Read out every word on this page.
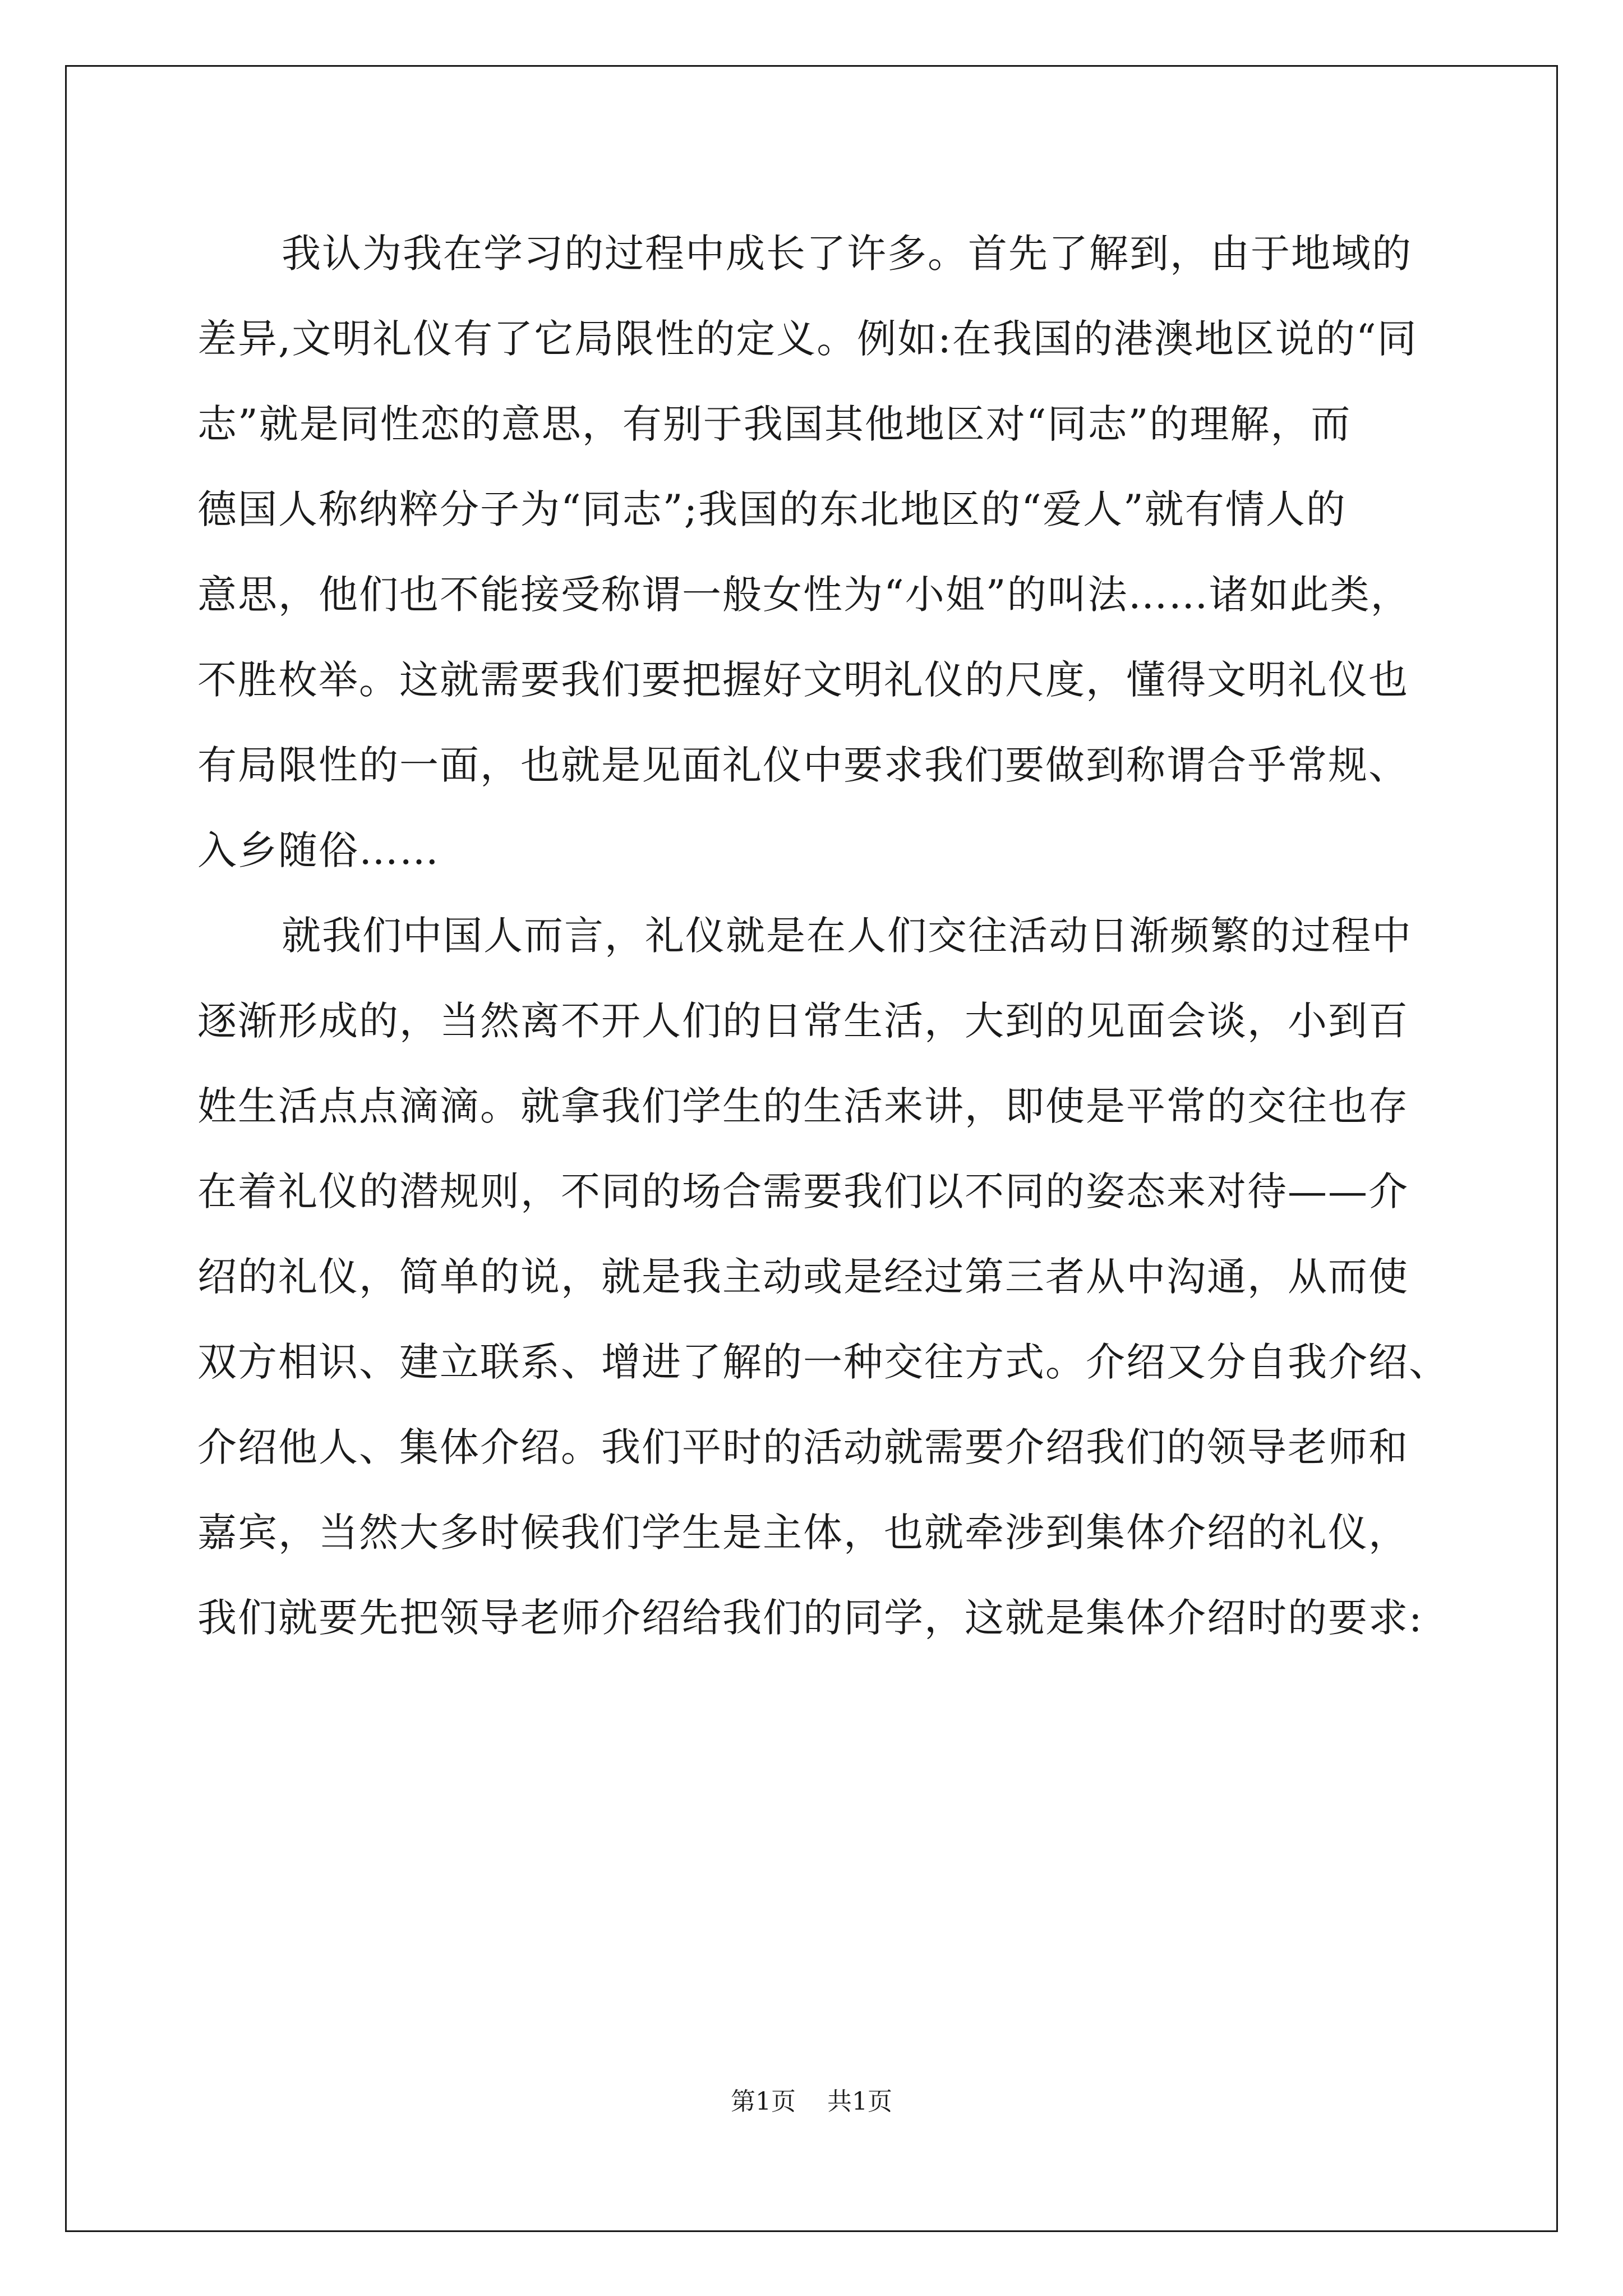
我认为我在学习的过程中成长了许多。首先了解到，由于地域的
差异,文明礼仪有了它局限性的定义。例如:在我国的港澳地区说的“同
志”就是同性恋的意思，有别于我国其他地区对“同志”的理解，而
德国人称纳粹分子为“同志”;我国的东北地区的“爱人”就有情人的
意思，他们也不能接受称谓一般女性为“小姐”的叫法……诸如此类，
不胜枚举。这就需要我们要把握好文明礼仪的尺度，懂得文明礼仪也
有局限性的一面，也就是见面礼仪中要求我们要做到称谓合乎常规、
入乡随俗……
就我们中国人而言，礼仪就是在人们交往活动日渐频繁的过程中
逐渐形成的，当然离不开人们的日常生活，大到的见面会谈，小到百
姓生活点点滴滴。就拿我们学生的生活来讲，即使是平常的交往也存
在着礼仪的潜规则，不同的场合需要我们以不同的姿态来对待——介
绍的礼仪，简单的说，就是我主动或是经过第三者从中沟通，从而使
双方相识、建立联系、增进了解的一种交往方式。介绍又分自我介绍、
介绍他人、集体介绍。我们平时的活动就需要介绍我们的领导老师和
嘉宾，当然大多时候我们学生是主体，也就牵涉到集体介绍的礼仪，
我们就要先把领导老师介绍给我们的同学，这就是集体介绍时的要求:
第1页 共1页
